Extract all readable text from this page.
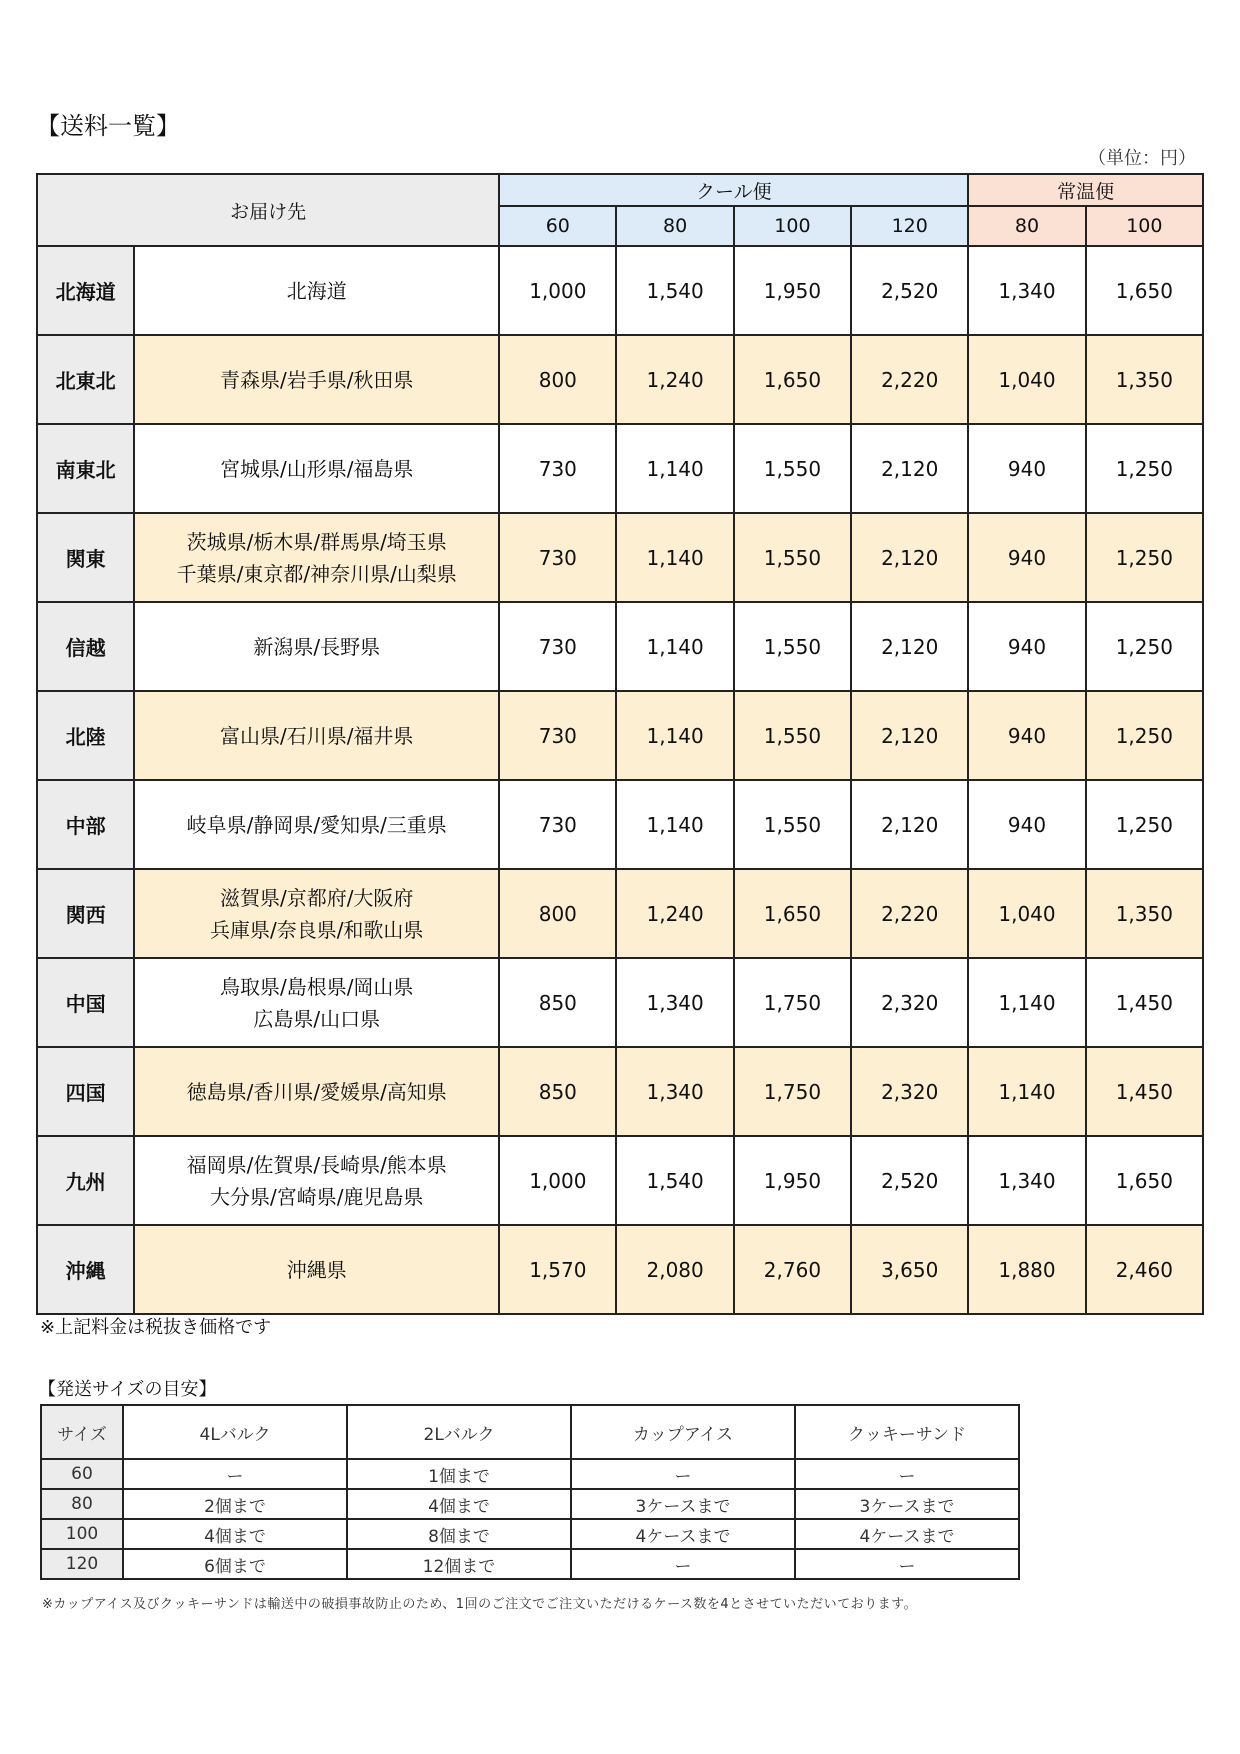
【送料一覧】
（単位：円）
お届け先		クール便				常温便	
		60	80	100	120	80	100
北海道	北海道	1,000	1,540	1,950	2,520	1,340	1,650
北東北	青森県/岩手県/秋田県	800	1,240	1,650	2,220	1,040	1,350
南東北	宮城県/山形県/福島県	730	1,140	1,550	2,120	940	1,250
関東	茨城県/栃木県/群馬県/埼玉県
千葉県/東京都/神奈川県/山梨県	730	1,140	1,550	2,120	940	1,250
信越	新潟県/長野県	730	1,140	1,550	2,120	940	1,250
北陸	富山県/石川県/福井県	730	1,140	1,550	2,120	940	1,250
中部	岐阜県/静岡県/愛知県/三重県	730	1,140	1,550	2,120	940	1,250
関西	滋賀県/京都府/大阪府
兵庫県/奈良県/和歌山県	800	1,240	1,650	2,220	1,040	1,350
中国	鳥取県/島根県/岡山県
広島県/山口県	850	1,340	1,750	2,320	1,140	1,450
四国	徳島県/香川県/愛媛県/高知県	850	1,340	1,750	2,320	1,140	1,450
九州	福岡県/佐賀県/長崎県/熊本県
大分県/宮崎県/鹿児島県	1,000	1,540	1,950	2,520	1,340	1,650
沖縄	沖縄県	1,570	2,080	2,760	3,650	1,880	2,460
※上記料金は税抜き価格です
【発送サイズの目安】
サイズ	4Lバルク	2Lバルク	カップアイス	クッキーサンド
60	ー	1個まで	ー	ー
80	2個まで	4個まで	3ケースまで	3ケースまで
100	4個まで	8個まで	4ケースまで	4ケースまで
120	6個まで	12個まで	ー	ー
※カップアイス及びクッキーサンドは輸送中の破損事故防止のため、1回のご注文でご注文いただけるケース数を4とさせていただいております。
